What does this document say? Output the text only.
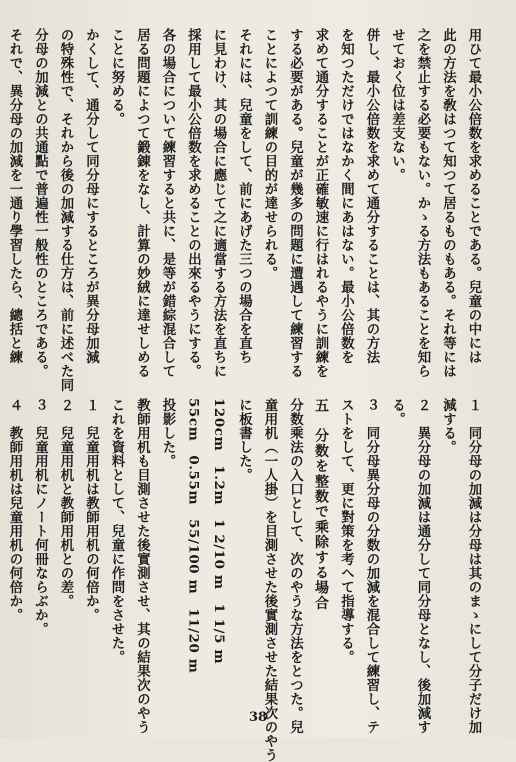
用ひて最小公倍数を求めることである。兒童の中には
此の方法を敎はつて知つて居るものもある。それ等には
之を禁止する必要もない。かゝる方法もあることを知ら
せておく位は差支ない。
併し、最小公倍数を求めて通分することは、其の方法
を知つただけではなかく間にあはない。最小公倍数を
求めて通分することが正確敏速に行はれるやうに訓練を
する必要がある。兒童が幾多の問題に遭遇して練習する
ことによつて訓練の目的が達せられる。
それには、兒童をして、前にあげた三つの場合を直ち
に見わけ、其の場合に應じて之に適當する方法を直ちに
採用して最小公倍数を求めることの出來るやうにする。
各の場合について練習すると共に、是等が錯綜混合して
居る問題によつて鍛錬をなし、計算の妙絨に達せしめる
ことに努める。
かくして、通分して同分母にするところが異分母加減
の特殊性で、それから後の加減する仕方は、前に述べた同
分母の加減との共通點で普遍性一般性のところである。
それで、異分母の加減を一通り學習したら、總括と練
１　同分母の加減は分母は其のまゝにして分子だけ加
減する。
２　異分母の加減は通分して同分母となし、後加減す
る。
３　同分母異分母の分数の加減を混合して練習し、テ
ストをして、更に對策を考へて指導する。
五　分数を整数で乘除する場合
分数乘法の入口として、次のやうな方法をとつた。兒
童用机（一人掛）を目測させた後實測させた結果次のやう
に板書した。
120cm　1.2m　1 2/10 m　1 1/5 m
55cm　0.55m　55/100 m　11/20 m
投影した。
教師用机も目測させた後實測させ、其の結果次のやう
これを資料として、兒童に作問をさせた。
１　兒童用机は教師用机の何倍か。
２　兒童用机と教師用机との差。
３　兒童用机にノート何冊ならぶか。
４　教師用机は兒童用机の何倍か。
38
